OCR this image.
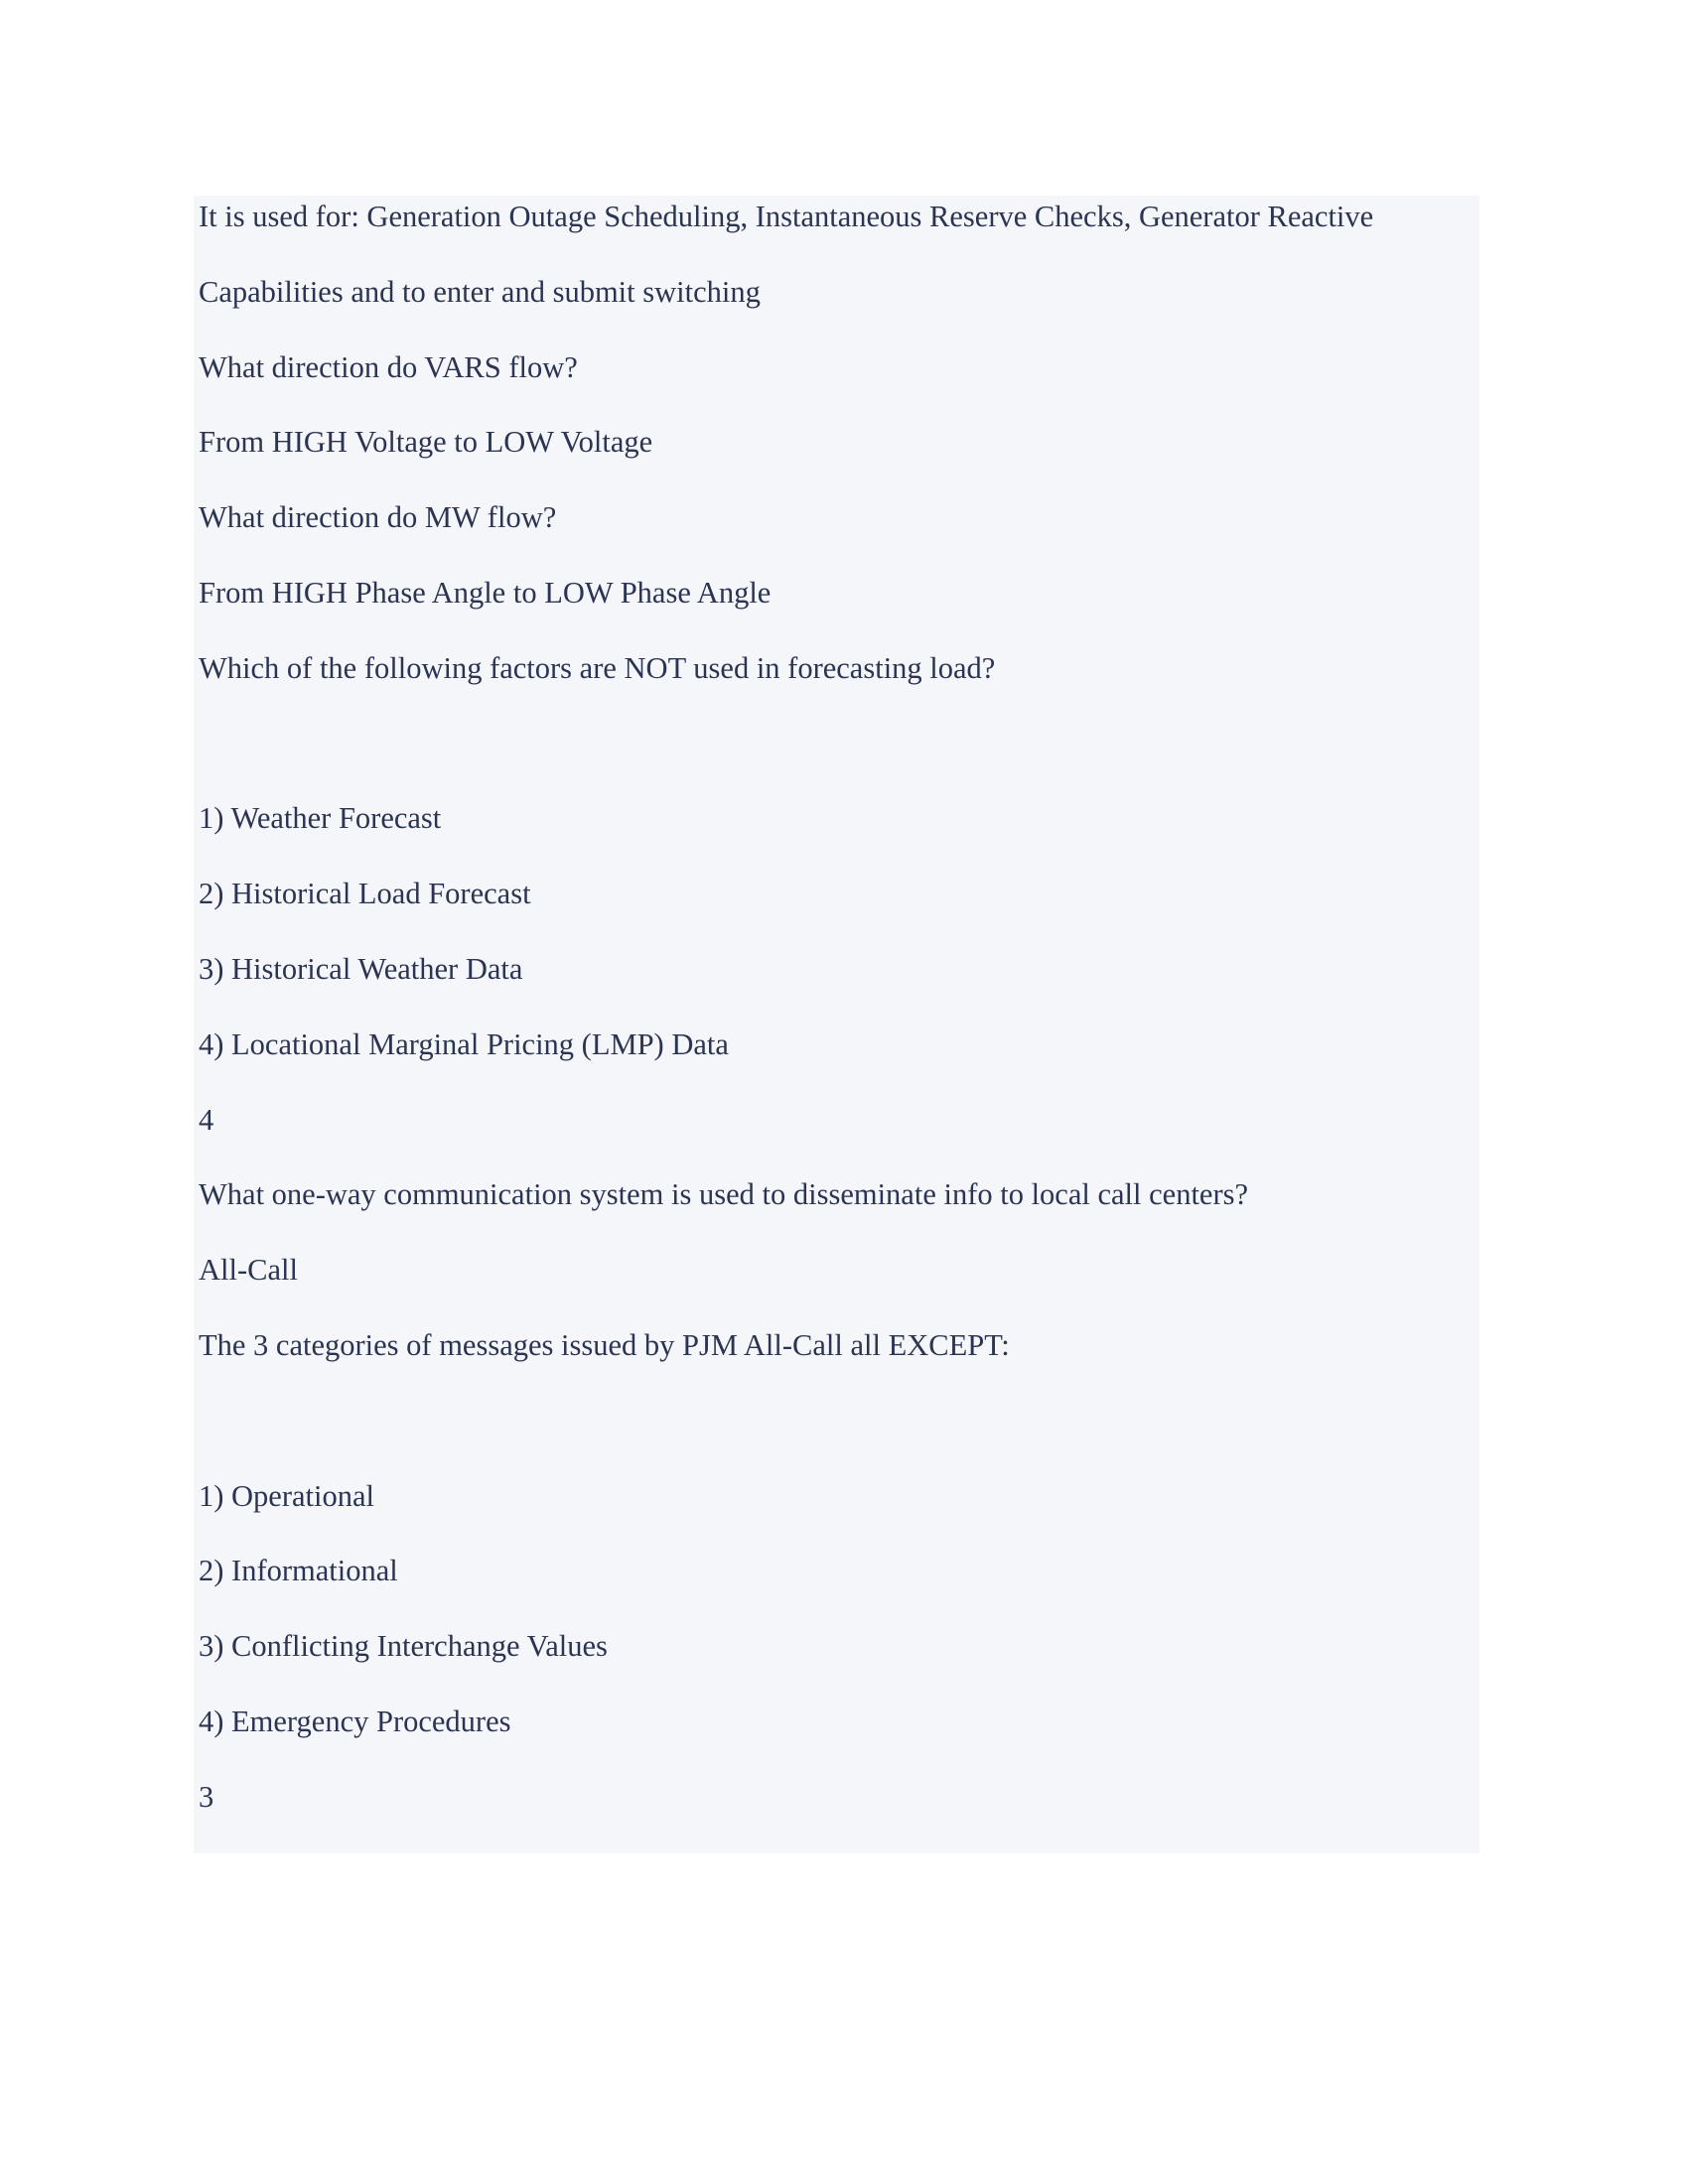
It is used for: Generation Outage Scheduling, Instantaneous Reserve Checks, Generator Reactive
Capabilities and to enter and submit switching
What direction do VARS flow?
From HIGH Voltage to LOW Voltage
What direction do MW flow?
From HIGH Phase Angle to LOW Phase Angle
Which of the following factors are NOT used in forecasting load?
1) Weather Forecast
2) Historical Load Forecast
3) Historical Weather Data
4) Locational Marginal Pricing (LMP) Data
4
What one-way communication system is used to disseminate info to local call centers?
All-Call
The 3 categories of messages issued by PJM All-Call all EXCEPT:
1) Operational
2) Informational
3) Conflicting Interchange Values
4) Emergency Procedures
3
